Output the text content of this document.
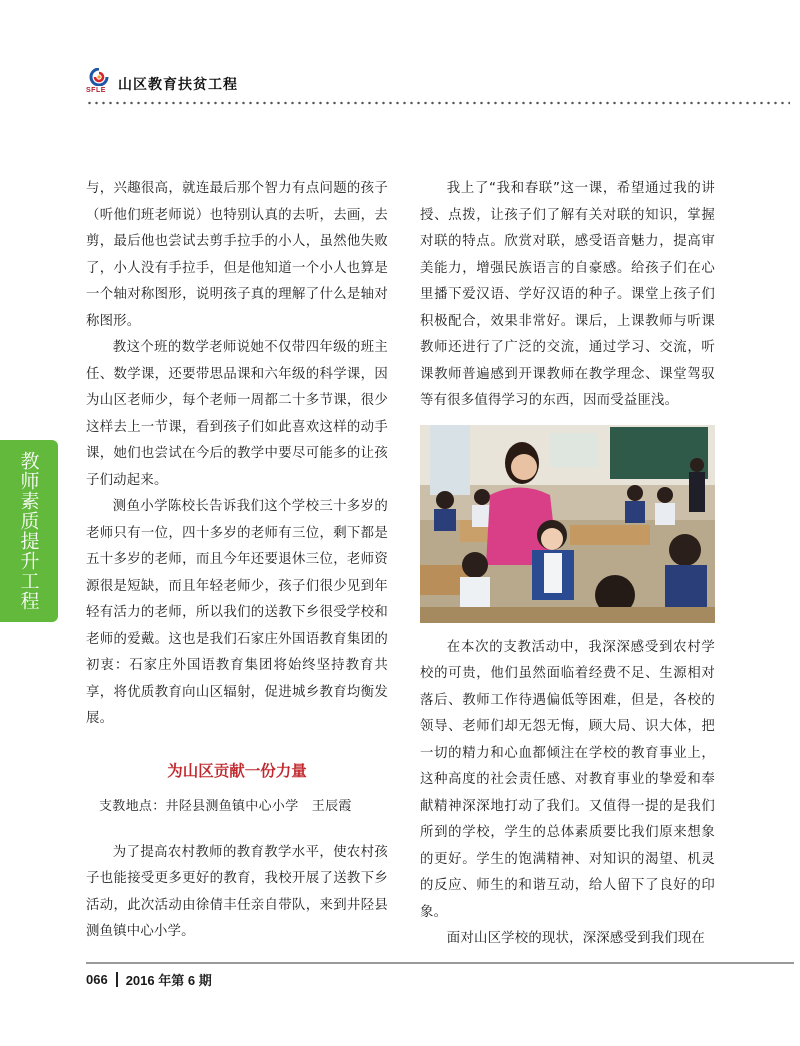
SFLE 山区教育扶贫工程
教师素质提升工程

与，兴趣很高，就连最后那个智力有点问题的孩子（听他们班老师说）也特别认真的去听，去画，去剪，最后他也尝试去剪手拉手的小人，虽然他失败了，小人没有手拉手，但是他知道一个小人也算是一个轴对称图形，说明孩子真的理解了什么是轴对称图形。

教这个班的数学老师说她不仅带四年级的班主任、数学课，还要带思品课和六年级的科学课，因为山区老师少，每个老师一周都二十多节课，很少这样去上一节课，看到孩子们如此喜欢这样的动手课，她们也尝试在今后的教学中要尽可能多的让孩子们动起来。

测鱼小学陈校长告诉我们这个学校三十多岁的老师只有一位，四十多岁的老师有三位，剩下都是五十多岁的老师，而且今年还要退休三位，老师资源很是短缺，而且年轻老师少，孩子们很少见到年轻有活力的老师，所以我们的送教下乡很受学校和老师的爱戴。这也是我们石家庄外国语教育集团的初衷：石家庄外国语教育集团将始终坚持教育共享，将优质教育向山区辐射，促进城乡教育均衡发展。

为山区贡献一份力量

支教地点：井陉县测鱼镇中心小学　王辰霞

为了提高农村教师的教育教学水平，使农村孩子也能接受更多更好的教育，我校开展了送教下乡活动，此次活动由徐倩丰任亲自带队，来到井陉县测鱼镇中心小学。

我上了“我和春联”这一课，希望通过我的讲授、点拨，让孩子们了解有关对联的知识，掌握对联的特点。欣赏对联，感受语音魅力，提高审美能力，增强民族语言的自豪感。给孩子们在心里播下爱汉语、学好汉语的种子。课堂上孩子们积极配合，效果非常好。课后，上课教师与听课教师还进行了广泛的交流，通过学习、交流，听课教师普遍感到开课教师在教学理念、课堂驾驭等有很多值得学习的东西，因而受益匪浅。

在本次的支教活动中，我深深感受到农村学校的可贵，他们虽然面临着经费不足、生源相对落后、教师工作待遇偏低等困难，但是，各校的领导、老师们却无怨无悔，顾大局、识大体，把一切的精力和心血都倾注在学校的教育事业上，这种高度的社会责任感、对教育事业的挚爱和奉献精神深深地打动了我们。又值得一提的是我们所到的学校，学生的总体素质要比我们原来想象的更好。学生的饱满精神、对知识的渴望、机灵的反应、师生的和谐互动，给人留下了良好的印象。

面对山区学校的现状，深深感受到我们现在

066 2016 年第 6 期
